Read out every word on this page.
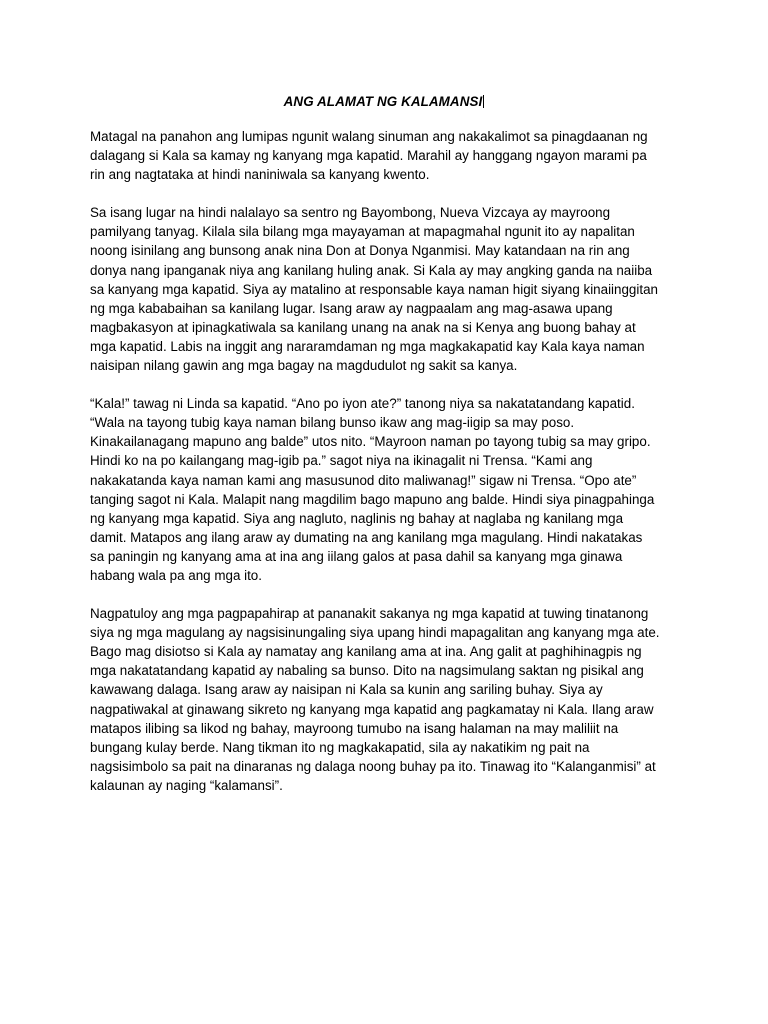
ANG ALAMAT NG KALAMANSI
Matagal na panahon ang lumipas ngunit walang sinuman ang nakakalimot sa pinagdaanan ng
dalagang si Kala sa kamay ng kanyang mga kapatid. Marahil ay hanggang ngayon marami pa
rin ang nagtataka at hindi naniniwala sa kanyang kwento.
Sa isang lugar na hindi nalalayo sa sentro ng Bayombong, Nueva Vizcaya ay mayroong
pamilyang tanyag. Kilala sila bilang mga mayayaman at mapagmahal ngunit ito ay napalitan
noong isinilang ang bunsong anak nina Don at Donya Nganmisi. May katandaan na rin ang
donya nang ipanganak niya ang kanilang huling anak. Si Kala ay may angking ganda na naiiba
sa kanyang mga kapatid. Siya ay matalino at responsable kaya naman higit siyang kinaiinggitan
ng mga kababaihan sa kanilang lugar. Isang araw ay nagpaalam ang mag-asawa upang
magbakasyon at ipinagkatiwala sa kanilang unang na anak na si Kenya ang buong bahay at
mga kapatid. Labis na inggit ang nararamdaman ng mga magkakapatid kay Kala kaya naman
naisipan nilang gawin ang mga bagay na magdudulot ng sakit sa kanya.
“Kala!” tawag ni Linda sa kapatid. “Ano po iyon ate?” tanong niya sa nakatatandang kapatid.
“Wala na tayong tubig kaya naman bilang bunso ikaw ang mag-iigip sa may poso.
Kinakailanagang mapuno ang balde” utos nito. “Mayroon naman po tayong tubig sa may gripo.
Hindi ko na po kailangang mag-igib pa.” sagot niya na ikinagalit ni Trensa. “Kami ang
nakakatanda kaya naman kami ang masusunod dito maliwanag!” sigaw ni Trensa. “Opo ate”
tanging sagot ni Kala. Malapit nang magdilim bago mapuno ang balde. Hindi siya pinagpahinga
ng kanyang mga kapatid. Siya ang nagluto, naglinis ng bahay at naglaba ng kanilang mga
damit. Matapos ang ilang araw ay dumating na ang kanilang mga magulang. Hindi nakatakas
sa paningin ng kanyang ama at ina ang iilang galos at pasa dahil sa kanyang mga ginawa
habang wala pa ang mga ito.
Nagpatuloy ang mga pagpapahirap at pananakit sakanya ng mga kapatid at tuwing tinatanong
siya ng mga magulang ay nagsisinungaling siya upang hindi mapagalitan ang kanyang mga ate.
Bago mag disiotso si Kala ay namatay ang kanilang ama at ina. Ang galit at paghihinagpis ng
mga nakatatandang kapatid ay nabaling sa bunso. Dito na nagsimulang saktan ng pisikal ang
kawawang dalaga. Isang araw ay naisipan ni Kala sa kunin ang sariling buhay. Siya ay
nagpatiwakal at ginawang sikreto ng kanyang mga kapatid ang pagkamatay ni Kala. Ilang araw
matapos ilibing sa likod ng bahay, mayroong tumubo na isang halaman na may maliliit na
bungang kulay berde. Nang tikman ito ng magkakapatid, sila ay nakatikim ng pait na
nagsisimbolo sa pait na dinaranas ng dalaga noong buhay pa ito. Tinawag ito “Kalanganmisi” at
kalaunan ay naging “kalamansi”.
